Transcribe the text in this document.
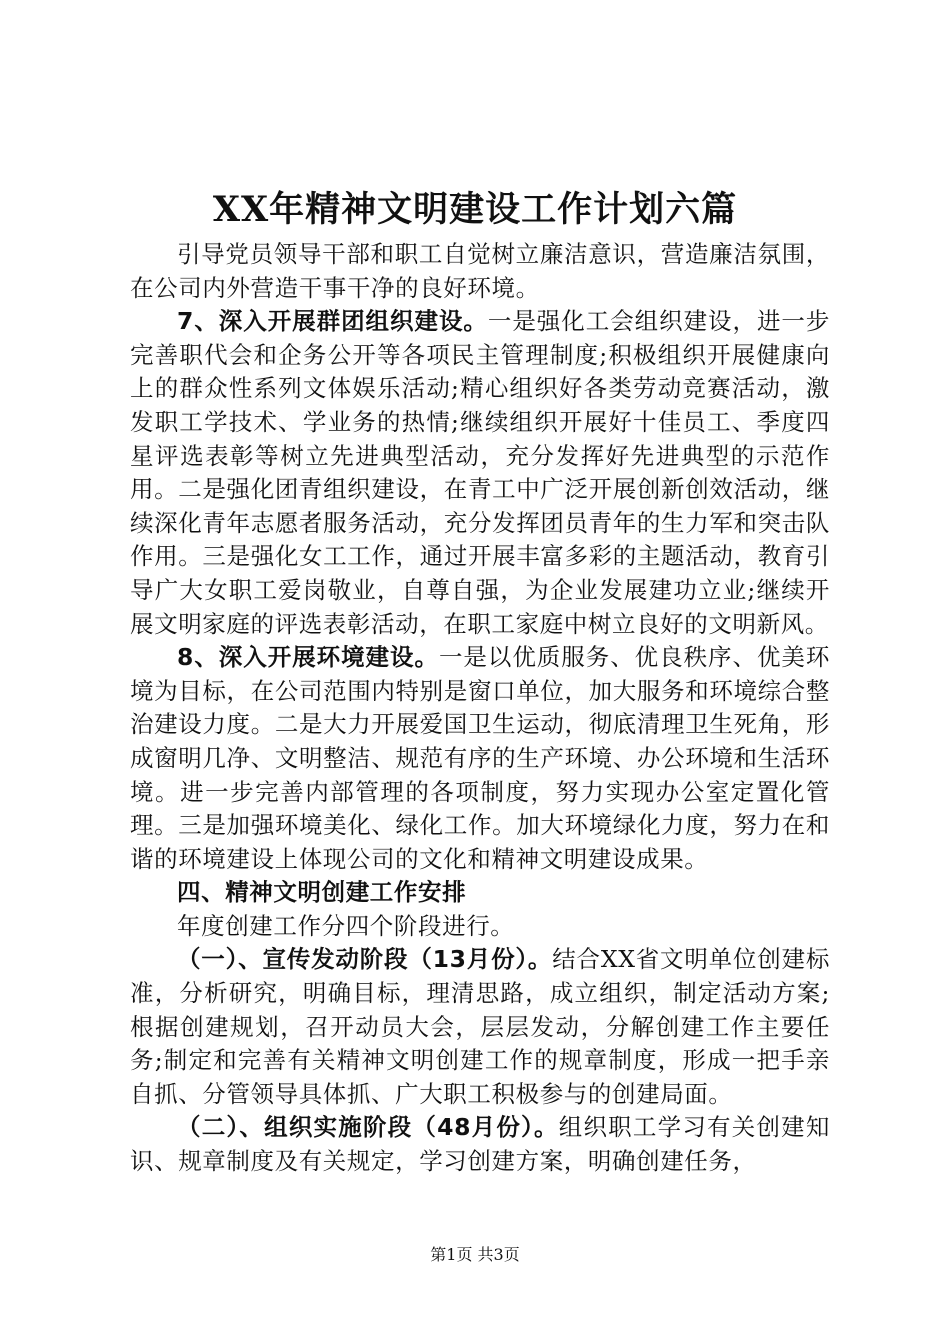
XX年精神文明建设工作计划六篇

引导党员领导干部和职工自觉树立廉洁意识，营造廉洁氛围，在公司内外营造干事干净的良好环境。

7、深入开展群团组织建设。一是强化工会组织建设，进一步完善职代会和企务公开等各项民主管理制度;积极组织开展健康向上的群众性系列文体娱乐活动;精心组织好各类劳动竞赛活动，激发职工学技术、学业务的热情;继续组织开展好十佳员工、季度四星评选表彰等树立先进典型活动，充分发挥好先进典型的示范作用。二是强化团青组织建设，在青工中广泛开展创新创效活动，继续深化青年志愿者服务活动，充分发挥团员青年的生力军和突击队作用。三是强化女工工作，通过开展丰富多彩的主题活动，教育引导广大女职工爱岗敬业，自尊自强，为企业发展建功立业;继续开展文明家庭的评选表彰活动，在职工家庭中树立良好的文明新风。

8、深入开展环境建设。一是以优质服务、优良秩序、优美环境为目标，在公司范围内特别是窗口单位，加大服务和环境综合整治建设力度。二是大力开展爱国卫生运动，彻底清理卫生死角，形成窗明几净、文明整洁、规范有序的生产环境、办公环境和生活环境。进一步完善内部管理的各项制度，努力实现办公室定置化管理。三是加强环境美化、绿化工作。加大环境绿化力度，努力在和谐的环境建设上体现公司的文化和精神文明建设成果。

四、精神文明创建工作安排

年度创建工作分四个阶段进行。

（一）、宣传发动阶段（13月份）。结合XX省文明单位创建标准，分析研究，明确目标，理清思路，成立组织，制定活动方案;根据创建规划，召开动员大会，层层发动，分解创建工作主要任务;制定和完善有关精神文明创建工作的规章制度，形成一把手亲自抓、分管领导具体抓、广大职工积极参与的创建局面。

（二）、组织实施阶段（48月份）。组织职工学习有关创建知识、规章制度及有关规定，学习创建方案，明确创建任务，

第1页 共3页
